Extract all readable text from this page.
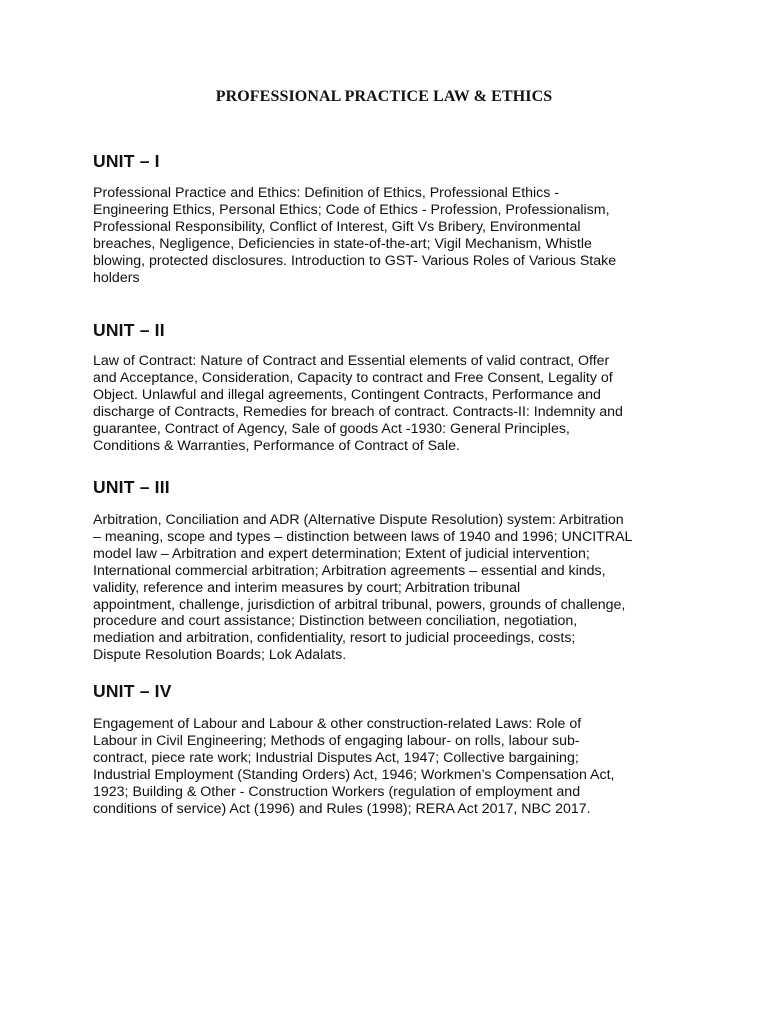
PROFESSIONAL PRACTICE LAW & ETHICS
UNIT – I

Professional Practice and Ethics: Definition of Ethics, Professional Ethics -
Engineering Ethics, Personal Ethics; Code of Ethics - Profession, Professionalism,
Professional Responsibility, Conflict of Interest, Gift Vs Bribery, Environmental
breaches, Negligence, Deficiencies in state-of-the-art; Vigil Mechanism, Whistle
blowing, protected disclosures. Introduction to GST- Various Roles of Various Stake
holders

UNIT – II

Law of Contract: Nature of Contract and Essential elements of valid contract, Offer
and Acceptance, Consideration, Capacity to contract and Free Consent, Legality of
Object. Unlawful and illegal agreements, Contingent Contracts, Performance and
discharge of Contracts, Remedies for breach of contract. Contracts-II: Indemnity and
guarantee, Contract of Agency, Sale of goods Act -1930: General Principles,
Conditions & Warranties, Performance of Contract of Sale.

UNIT – III

Arbitration, Conciliation and ADR (Alternative Dispute Resolution) system: Arbitration
– meaning, scope and types – distinction between laws of 1940 and 1996; UNCITRAL
model law – Arbitration and expert determination; Extent of judicial intervention;
International commercial arbitration; Arbitration agreements – essential and kinds,
validity, reference and interim measures by court; Arbitration tribunal
appointment, challenge, jurisdiction of arbitral tribunal, powers, grounds of challenge,
procedure and court assistance; Distinction between conciliation, negotiation,
mediation and arbitration, confidentiality, resort to judicial proceedings, costs;
Dispute Resolution Boards; Lok Adalats.

UNIT – IV

Engagement of Labour and Labour & other construction-related Laws: Role of
Labour in Civil Engineering; Methods of engaging labour- on rolls, labour sub-
contract, piece rate work; Industrial Disputes Act, 1947; Collective bargaining;
Industrial Employment (Standing Orders) Act, 1946; Workmen’s Compensation Act,
1923; Building & Other - Construction Workers (regulation of employment and
conditions of service) Act (1996) and Rules (1998); RERA Act 2017, NBC 2017.
